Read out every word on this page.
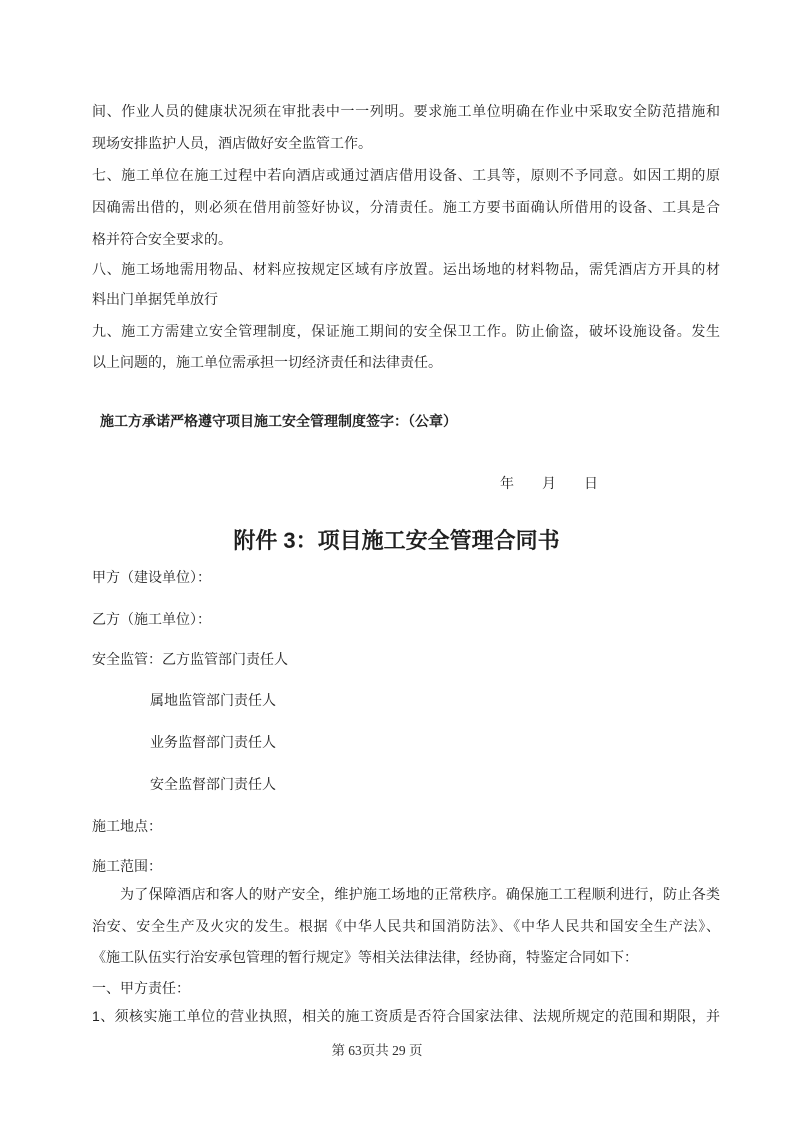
间、作业人员的健康状况须在审批表中一一列明。要求施工单位明确在作业中采取安全防范措施和
现场安排监护人员，酒店做好安全监管工作。
七、施工单位在施工过程中若向酒店或通过酒店借用设备、工具等，原则不予同意。如因工期的原
因确需出借的，则必须在借用前签好协议，分清责任。施工方要书面确认所借用的设备、工具是合
格并符合安全要求的。
八、施工场地需用物品、材料应按规定区域有序放置。运出场地的材料物品，需凭酒店方开具的材
料出门单据凭单放行
九、施工方需建立安全管理制度，保证施工期间的安全保卫工作。防止偷盗，破坏设施设备。发生
以上问题的，施工单位需承担一切经济责任和法律责任。
施工方承诺严格遵守项目施工安全管理制度签字：（公章）
年　　月　　日
附件 3：项目施工安全管理合同书
甲方（建设单位）：
乙方（施工单位）：
安全监管：乙方监管部门责任人
属地监管部门责任人
业务监督部门责任人
安全监督部门责任人
施工地点：
施工范围：
为了保障酒店和客人的财产安全，维护施工场地的正常秩序。确保施工工程顺利进行，防止各类
治安、安全生产及火灾的发生。根据《中华人民共和国消防法》、《中华人民共和国安全生产法》、
《施工队伍实行治安承包管理的暂行规定》等相关法律法律，经协商，特鉴定合同如下：
一、甲方责任：
1、须核实施工单位的营业执照，相关的施工资质是否符合国家法律、法规所规定的范围和期限，并
第 63页共 29 页
